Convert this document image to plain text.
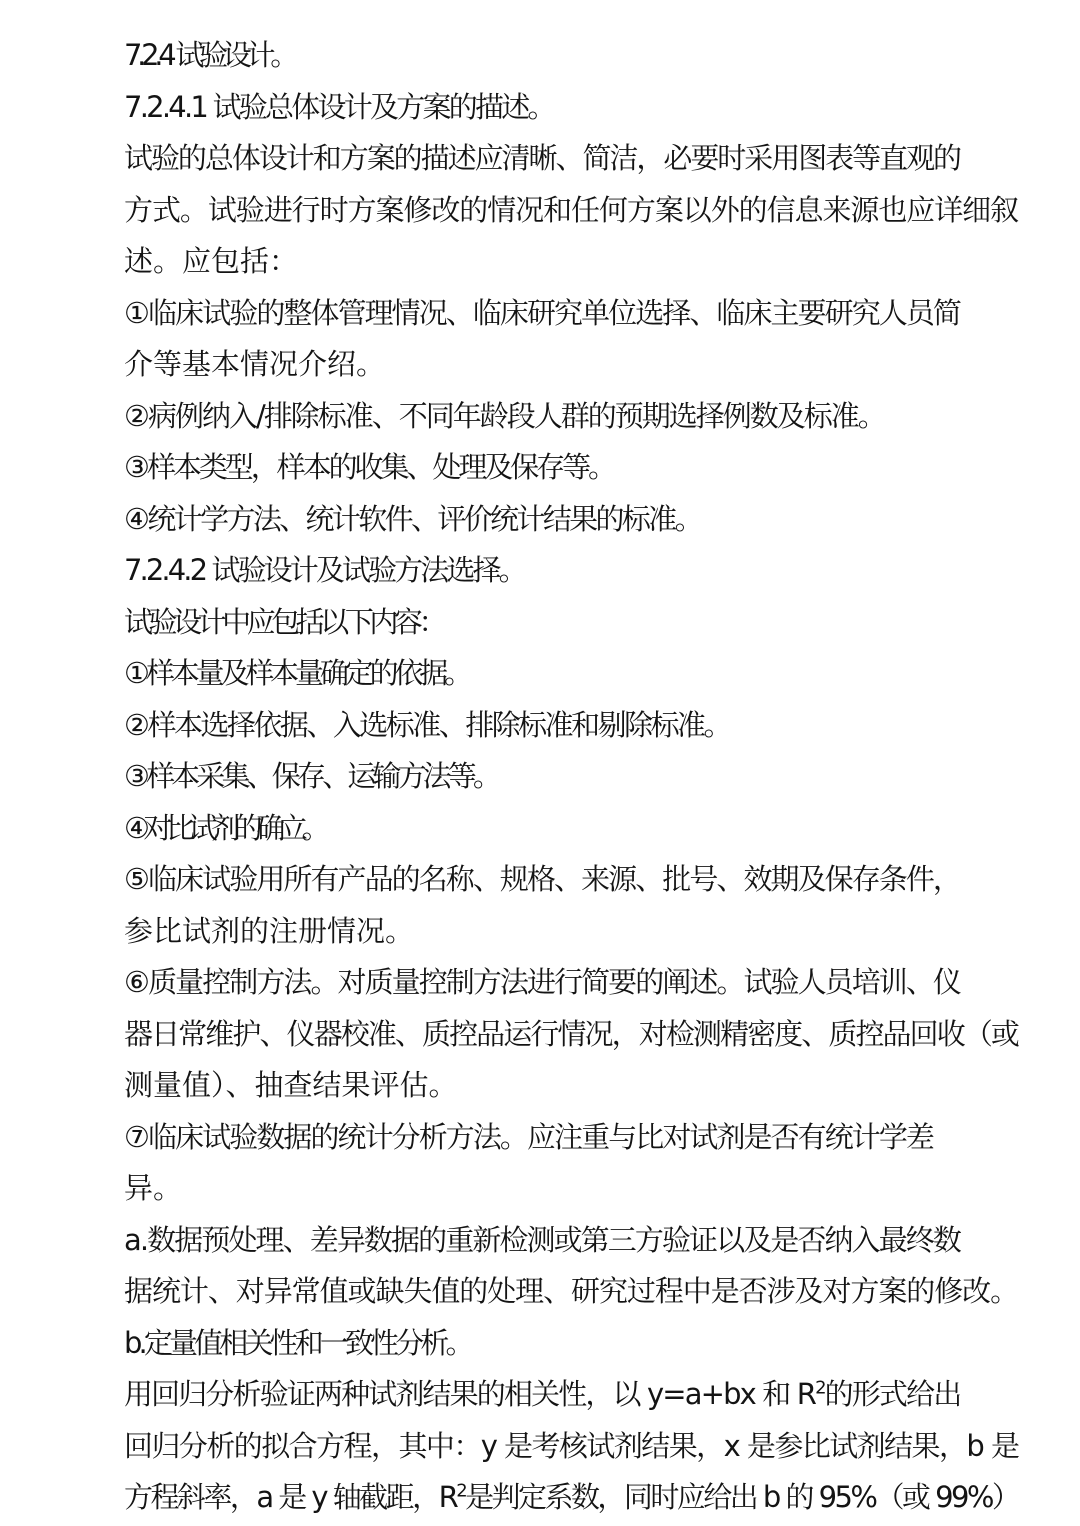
7.2.4 试验设计。

7.2.4.1 试验总体设计及方案的描述。

试验的总体设计和方案的描述应清晰、简洁，必要时采用图表等直观的
方式。试验进行时方案修改的情况和任何方案以外的信息来源也应详细叙
述。应包括：

①临床试验的整体管理情况、临床研究单位选择、临床主要研究人员简
介等基本情况介绍。

②病例纳入/排除标准、不同年龄段人群的预期选择例数及标准。

③样本类型，样本的收集、处理及保存等。

④统计学方法、统计软件、评价统计结果的标准。

7.2.4.2 试验设计及试验方法选择。

试验设计中应包括以下内容：

①样本量及样本量确定的依据。

②样本选择依据、入选标准、排除标准和剔除标准。

③样本采集、保存、运输方法等。

④对比试剂的确立。

⑤临床试验用所有产品的名称、规格、来源、批号、效期及保存条件，
参比试剂的注册情况。

⑥质量控制方法。对质量控制方法进行简要的阐述。试验人员培训、仪
器日常维护、仪器校准、质控品运行情况，对检测精密度、质控品回收（或
测量值）、抽查结果评估。

⑦临床试验数据的统计分析方法。应注重与比对试剂是否有统计学差
异。

a.数据预处理、差异数据的重新检测或第三方验证以及是否纳入最终数
据统计、对异常值或缺失值的处理、研究过程中是否涉及对方案的修改。

b.定量值相关性和一致性分析。

用回归分析验证两种试剂结果的相关性，以 y=a+bx 和 $R^2$的形式给出
回归分析的拟合方程，其中：y 是考核试剂结果，x 是参比试剂结果，b 是
方程斜率，a 是 y 轴截距，$R^2$是判定系数，同时应给出 b 的 95%（或 99%）
